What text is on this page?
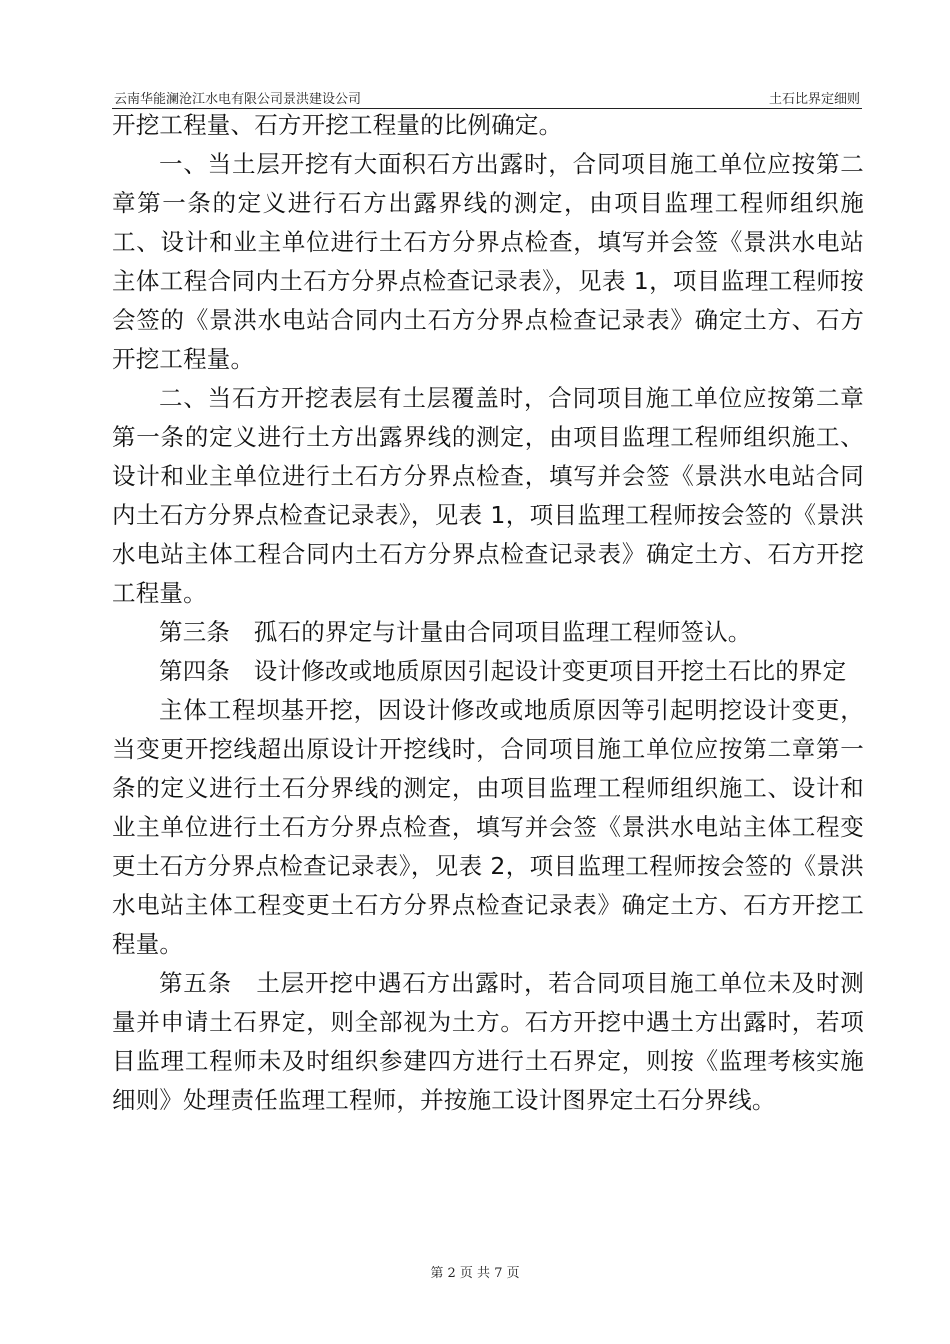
云南华能澜沧江水电有限公司景洪建设公司	土石比界定细则

开挖工程量、石方开挖工程量的比例确定。

一、当土层开挖有大面积石方出露时，合同项目施工单位应按第二章第一条的定义进行石方出露界线的测定，由项目监理工程师组织施工、设计和业主单位进行土石方分界点检查，填写并会签《景洪水电站主体工程合同内土石方分界点检查记录表》，见表 1，项目监理工程师按会签的《景洪水电站合同内土石方分界点检查记录表》确定土方、石方开挖工程量。

二、当石方开挖表层有土层覆盖时，合同项目施工单位应按第二章第一条的定义进行土方出露界线的测定，由项目监理工程师组织施工、设计和业主单位进行土石方分界点检查，填写并会签《景洪水电站合同内土石方分界点检查记录表》，见表 1，项目监理工程师按会签的《景洪水电站主体工程合同内土石方分界点检查记录表》确定土方、石方开挖工程量。

第三条　孤石的界定与计量由合同项目监理工程师签认。

第四条　设计修改或地质原因引起设计变更项目开挖土石比的界定

主体工程坝基开挖，因设计修改或地质原因等引起明挖设计变更，当变更开挖线超出原设计开挖线时，合同项目施工单位应按第二章第一条的定义进行土石分界线的测定，由项目监理工程师组织施工、设计和业主单位进行土石方分界点检查，填写并会签《景洪水电站主体工程变更土石方分界点检查记录表》，见表 2，项目监理工程师按会签的《景洪水电站主体工程变更土石方分界点检查记录表》确定土方、石方开挖工程量。

第五条　土层开挖中遇石方出露时，若合同项目施工单位未及时测量并申请土石界定，则全部视为土方。石方开挖中遇土方出露时，若项目监理工程师未及时组织参建四方进行土石界定，则按《监理考核实施细则》处理责任监理工程师，并按施工设计图界定土石分界线。

第 2 页 共 7 页
